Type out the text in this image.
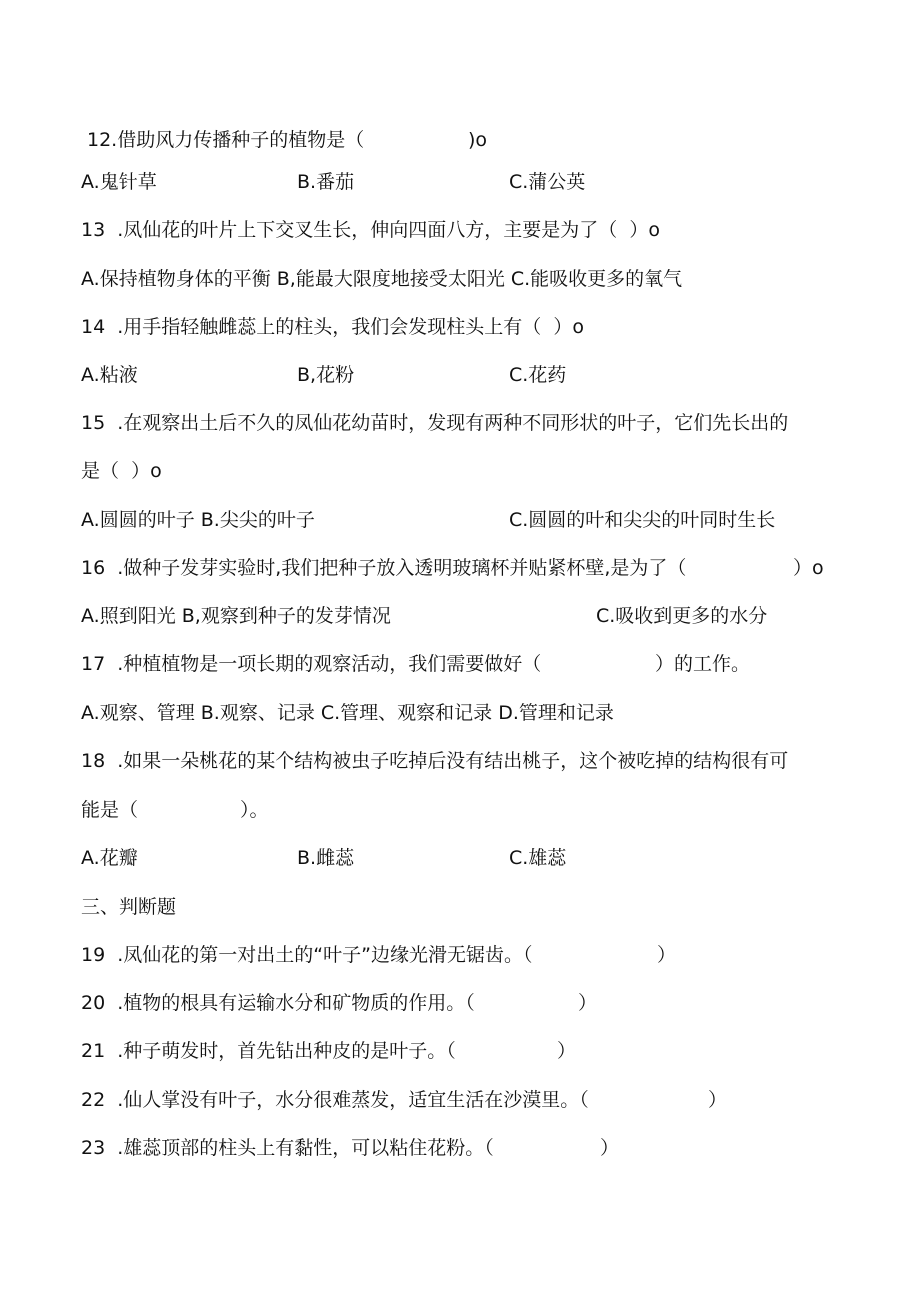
12.借助风力传播种子的植物是（	)o
A.鬼针草	B.番茄	C.蒲公英
13  .凤仙花的叶片上下交叉生长，伸向四面八方，主要是为了（  ）o
A.保持植物身体的平衡 B,能最大限度地接受太阳光 C.能吸收更多的氧气
14  .用手指轻触雌蕊上的柱头，我们会发现柱头上有（  ）o
A.粘液	B,花粉	C.花药
15  .在观察出土后不久的凤仙花幼苗时，发现有两种不同形状的叶子，它们先长出的
是（  ）o
A.圆圆的叶子 B.尖尖的叶子	C.圆圆的叶和尖尖的叶同时生长
16  .做种子发芽实验时,我们把种子放入透明玻璃杯并贴紧杯壁,是为了（	）o
A.照到阳光 B,观察到种子的发芽情况	C.吸收到更多的水分
17  .种植植物是一项长期的观察活动，我们需要做好（	）的工作。
A.观察、管理 B.观察、记录 C.管理、观察和记录 D.管理和记录
18  .如果一朵桃花的某个结构被虫子吃掉后没有结出桃子，这个被吃掉的结构很有可
能是（	）。
A.花瓣	B.雌蕊	C.雄蕊
三、判断题
19  .凤仙花的第一对出土的“叶子”边缘光滑无锯齿。（	）
20  .植物的根具有运输水分和矿物质的作用。（	）
21  .种子萌发时，首先钻出种皮的是叶子。（	）
22  .仙人掌没有叶子，水分很难蒸发，适宜生活在沙漠里。（	）
23  .雄蕊顶部的柱头上有黏性，可以粘住花粉。（	）
